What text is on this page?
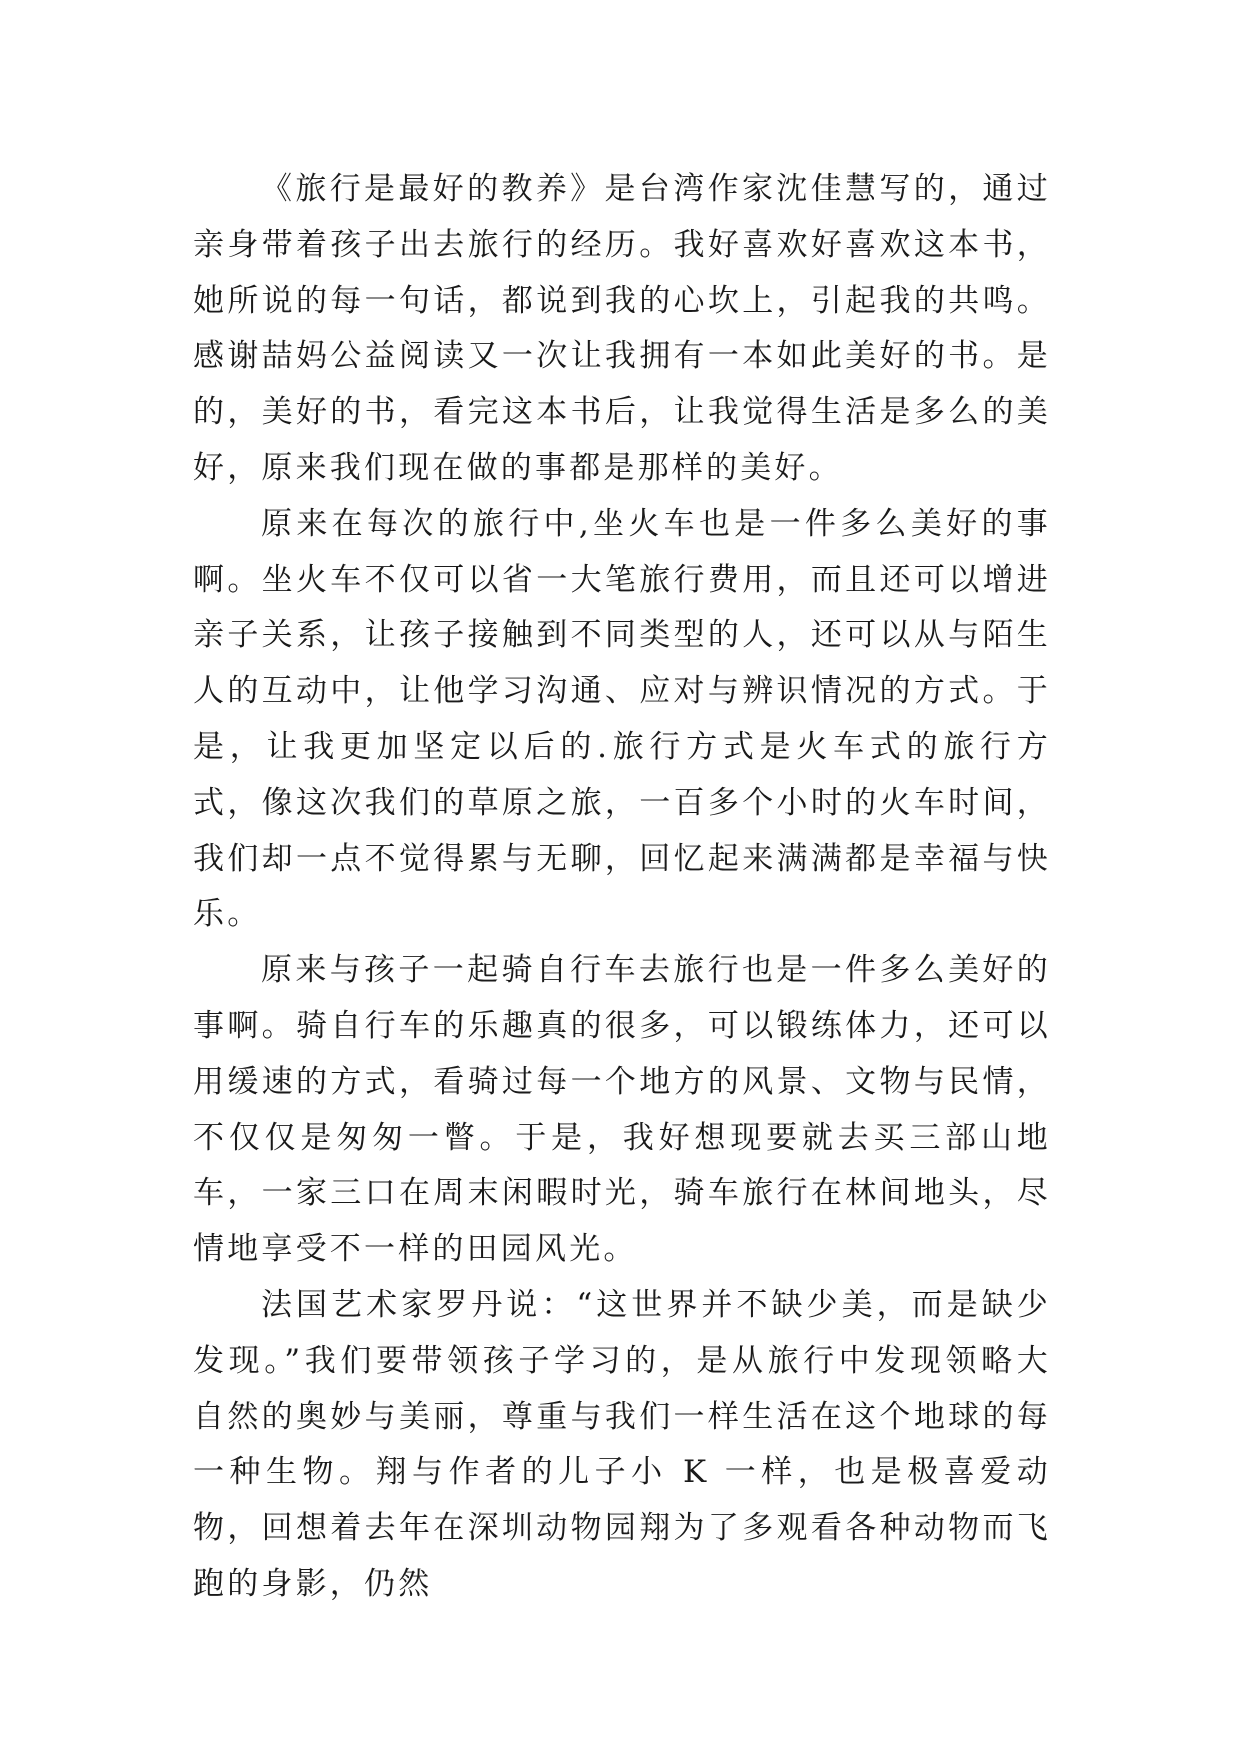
《旅行是最好的教养》是台湾作家沈佳慧写的，通过亲身带着孩子出去旅行的经历。我好喜欢好喜欢这本书，她所说的每一句话，都说到我的心坎上，引起我的共鸣。感谢喆妈公益阅读又一次让我拥有一本如此美好的书。是的，美好的书，看完这本书后，让我觉得生活是多么的美好，原来我们现在做的事都是那样的美好。

原来在每次的旅行中,坐火车也是一件多么美好的事啊。坐火车不仅可以省一大笔旅行费用，而且还可以增进亲子关系，让孩子接触到不同类型的人，还可以从与陌生人的互动中，让他学习沟通、应对与辨识情况的方式。于是，让我更加坚定以后的.旅行方式是火车式的旅行方式，像这次我们的草原之旅，一百多个小时的火车时间，我们却一点不觉得累与无聊，回忆起来满满都是幸福与快乐。

原来与孩子一起骑自行车去旅行也是一件多么美好的事啊。骑自行车的乐趣真的很多，可以锻练体力，还可以用缓速的方式，看骑过每一个地方的风景、文物与民情，不仅仅是匆匆一瞥。于是，我好想现要就去买三部山地车，一家三口在周末闲暇时光，骑车旅行在林间地头，尽情地享受不一样的田园风光。

法国艺术家罗丹说：“这世界并不缺少美，而是缺少发现。”我们要带领孩子学习的，是从旅行中发现领略大自然的奥妙与美丽，尊重与我们一样生活在这个地球的每一种生物。翔与作者的儿子小 K 一样，也是极喜爱动物，回想着去年在深圳动物园翔为了多观看各种动物而飞跑的身影，仍然
